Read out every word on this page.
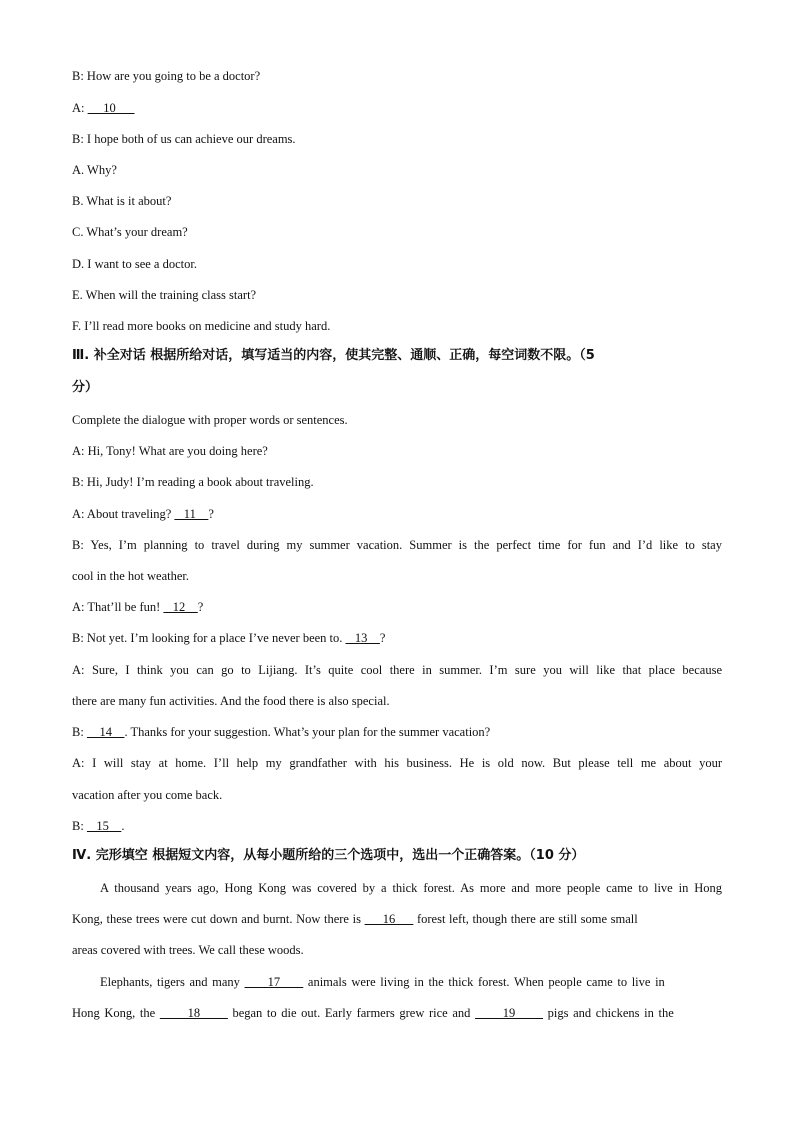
B: How are you going to be a doctor?
A:      10
B: I hope both of us can achieve our dreams.
A. Why?
B. What is it about?
C. What’s your dream?
D. I want to see a doctor.
E. When will the training class start?
F. I’ll read more books on medicine and study hard.
Ⅲ. 补全对话 根据所给对话，填写适当的内容，使其完整、通顺、正确，每空词数不限。（5
分）
Complete the dialogue with proper words or sentences.
A: Hi, Tony! What are you doing here?
B: Hi, Judy! I’m reading a book about traveling.
A: About traveling?    11    ?
B: Yes, I’m planning to travel during my summer vacation. Summer is the perfect time for fun and I’d like to stay
cool in the hot weather.
A: That’ll be fun!    12    ?
B: Not yet. I’m looking for a place I’ve never been to.    13    ?
A: Sure, I think you can go to Lijiang. It’s quite cool there in summer. I’m sure you will like that place because
there are many fun activities. And the food there is also special.
B:     14    . Thanks for your suggestion. What’s your plan for the summer vacation?
A: I will stay at home. I’ll help my grandfather with his business. He is old now. But please tell me about your
vacation after you come back.
B:    15    .
Ⅳ. 完形填空 根据短文内容，从每小题所给的三个选项中，选出一个正确答案。（10 分）
A thousand years ago, Hong Kong was covered by a thick forest. As more and more people came to live in Hong
Kong, these trees were cut down and burnt. Now there is      16      forest left, though there are still some small
areas covered with trees. We call these woods.
Elephants, tigers and many      17      animals were living in the thick forest. When people came to live in
Hong Kong, the       18       began to die out. Early farmers grew rice and       19       pigs and chickens in the
